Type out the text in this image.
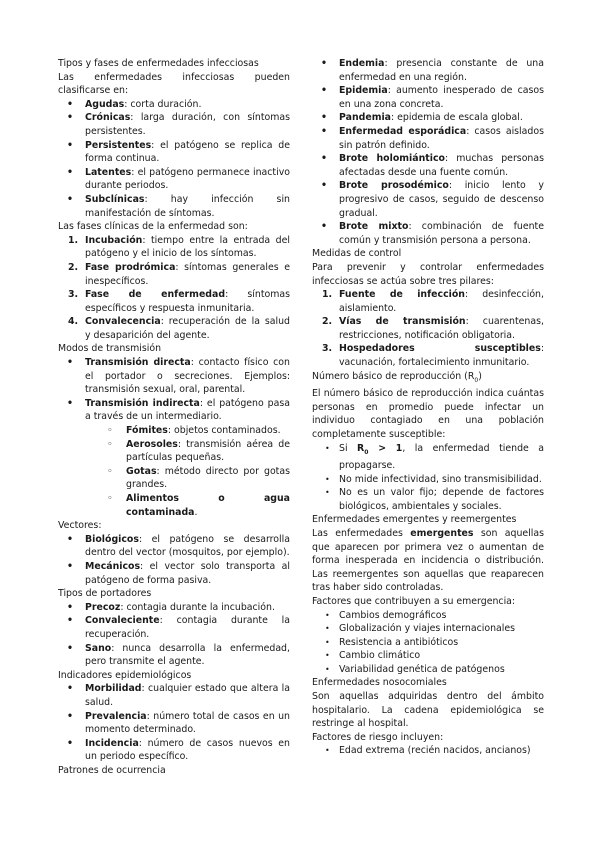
Tipos y fases de enfermedades infecciosas
Las enfermedades infecciosas pueden clasificarse en:
• Agudas: corta duración.
• Crónicas: larga duración, con síntomas persistentes.
• Persistentes: el patógeno se replica de forma continua.
• Latentes: el patógeno permanece inactivo durante periodos.
• Subclínicas: hay infección sin manifestación de síntomas.
Las fases clínicas de la enfermedad son:
1. Incubación: tiempo entre la entrada del patógeno y el inicio de los síntomas.
2. Fase prodrómica: síntomas generales e inespecíficos.
3. Fase de enfermedad: síntomas específicos y respuesta inmunitaria.
4. Convalecencia: recuperación de la salud y desaparición del agente.
Modos de transmisión
• Transmisión directa: contacto físico con el portador o secreciones. Ejemplos: transmisión sexual, oral, parental.
• Transmisión indirecta: el patógeno pasa a través de un intermediario.
◦ Fómites: objetos contaminados.
◦ Aerosoles: transmisión aérea de partículas pequeñas.
◦ Gotas: método directo por gotas grandes.
◦ Alimentos o agua contaminada.
Vectores:
• Biológicos: el patógeno se desarrolla dentro del vector (mosquitos, por ejemplo).
• Mecánicos: el vector solo transporta al patógeno de forma pasiva.
Tipos de portadores
• Precoz: contagia durante la incubación.
• Convaleciente: contagia durante la recuperación.
• Sano: nunca desarrolla la enfermedad, pero transmite el agente.
Indicadores epidemiológicos
• Morbilidad: cualquier estado que altera la salud.
• Prevalencia: número total de casos en un momento determinado.
• Incidencia: número de casos nuevos en un periodo específico.
Patrones de ocurrencia
• Endemia: presencia constante de una enfermedad en una región.
• Epidemia: aumento inesperado de casos en una zona concreta.
• Pandemia: epidemia de escala global.
• Enfermedad esporádica: casos aislados sin patrón definido.
• Brote holomiántico: muchas personas afectadas desde una fuente común.
• Brote prosodémico: inicio lento y progresivo de casos, seguido de descenso gradual.
• Brote mixto: combinación de fuente común y transmisión persona a persona.
Medidas de control
Para prevenir y controlar enfermedades infecciosas se actúa sobre tres pilares:
1. Fuente de infección: desinfección, aislamiento.
2. Vías de transmisión: cuarentenas, restricciones, notificación obligatoria.
3. Hospedadores susceptibles: vacunación, fortalecimiento inmunitario.
Número básico de reproducción $(R_0)$
El número básico de reproducción indica cuántas personas en promedio puede infectar un individuo contagiado en una población completamente susceptible:
• Si $R_0 > 1$, la enfermedad tiende a propagarse.
• No mide infectividad, sino transmisibilidad.
• No es un valor fijo; depende de factores biológicos, ambientales y sociales.
Enfermedades emergentes y reemergentes
Las enfermedades emergentes son aquellas que aparecen por primera vez o aumentan de forma inesperada en incidencia o distribución. Las reemergentes son aquellas que reaparecen tras haber sido controladas.
Factores que contribuyen a su emergencia:
• Cambios demográficos
• Globalización y viajes internacionales
• Resistencia a antibióticos
• Cambio climático
• Variabilidad genética de patógenos
Enfermedades nosocomiales
Son aquellas adquiridas dentro del ámbito hospitalario. La cadena epidemiológica se restringe al hospital.
Factores de riesgo incluyen:
• Edad extrema (recién nacidos, ancianos)
